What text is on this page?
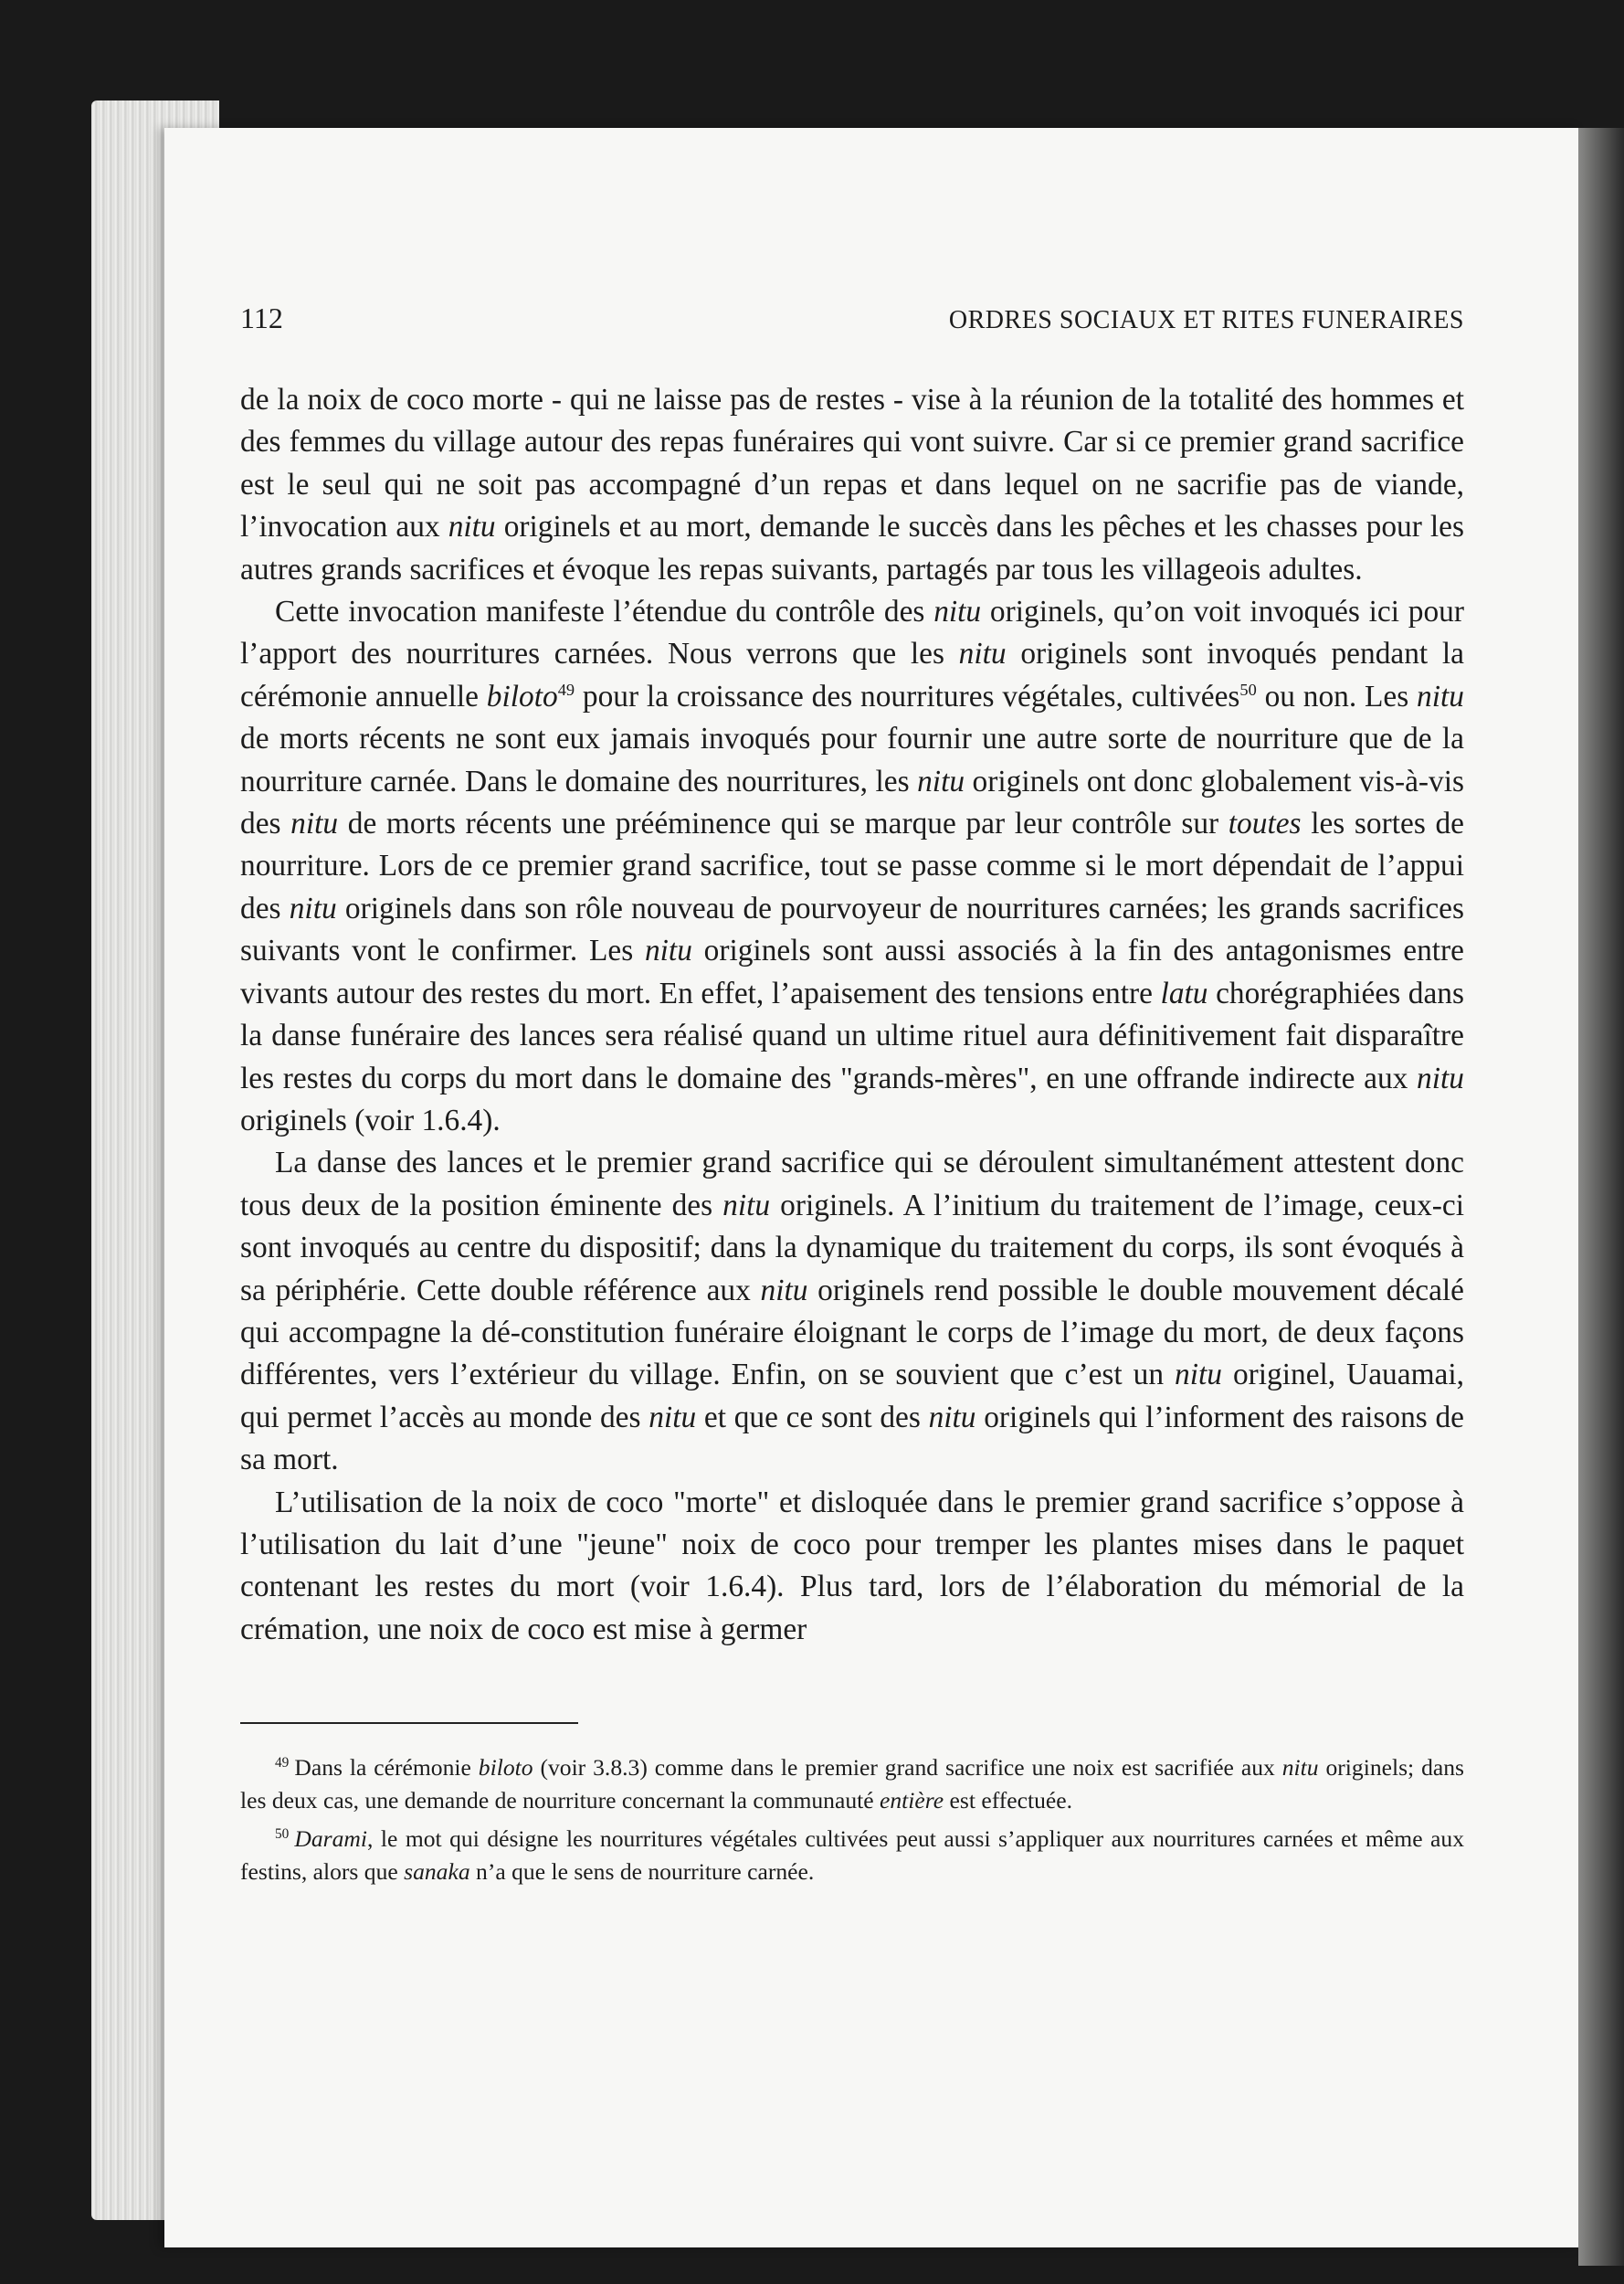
112	ORDRES SOCIAUX ET RITES FUNERAIRES

de la noix de coco morte - qui ne laisse pas de restes - vise à la réunion de la totalité des hommes et des femmes du village autour des repas funéraires qui vont suivre. Car si ce premier grand sacrifice est le seul qui ne soit pas accompagné d’un repas et dans lequel on ne sacrifie pas de viande, l’invocation aux nitu originels et au mort, demande le succès dans les pêches et les chasses pour les autres grands sacrifices et évoque les repas suivants, partagés par tous les villageois adultes.

Cette invocation manifeste l’étendue du contrôle des nitu originels, qu’on voit invoqués ici pour l’apport des nourritures carnées. Nous verrons que les nitu originels sont invoqués pendant la cérémonie annuelle biloto$^{49}$ pour la croissance des nourritures végétales, cultivées$^{50}$ ou non. Les nitu de morts récents ne sont eux jamais invoqués pour fournir une autre sorte de nourriture que de la nourriture carnée. Dans le domaine des nourritures, les nitu originels ont donc globalement vis-à-vis des nitu de morts récents une prééminence qui se marque par leur contrôle sur toutes les sortes de nourriture. Lors de ce premier grand sacrifice, tout se passe comme si le mort dépendait de l’appui des nitu originels dans son rôle nouveau de pourvoyeur de nourritures carnées; les grands sacrifices suivants vont le confirmer. Les nitu originels sont aussi associés à la fin des antagonismes entre vivants autour des restes du mort. En effet, l’apaisement des tensions entre latu chorégraphiées dans la danse funéraire des lances sera réalisé quand un ultime rituel aura définitivement fait disparaître les restes du corps du mort dans le domaine des "grands-mères", en une offrande indirecte aux nitu originels (voir 1.6.4).

La danse des lances et le premier grand sacrifice qui se déroulent simultanément attestent donc tous deux de la position éminente des nitu originels. A l’initium du traitement de l’image, ceux-ci sont invoqués au centre du dispositif; dans la dynamique du traitement du corps, ils sont évoqués à sa périphérie. Cette double référence aux nitu originels rend possible le double mouvement décalé qui accompagne la dé-constitution funéraire éloignant le corps de l’image du mort, de deux façons différentes, vers l’extérieur du village. Enfin, on se souvient que c’est un nitu originel, Uauamai, qui permet l’accès au monde des nitu et que ce sont des nitu originels qui l’informent des raisons de sa mort.

L’utilisation de la noix de coco "morte" et disloquée dans le premier grand sacrifice s’oppose à l’utilisation du lait d’une "jeune" noix de coco pour tremper les plantes mises dans le paquet contenant les restes du mort (voir 1.6.4). Plus tard, lors de l’élaboration du mémorial de la crémation, une noix de coco est mise à germer

$^{49}$ Dans la cérémonie biloto (voir 3.8.3) comme dans le premier grand sacrifice une noix est sacrifiée aux nitu originels; dans les deux cas, une demande de nourriture concernant la communauté entière est effectuée.

$^{50}$ Darami, le mot qui désigne les nourritures végétales cultivées peut aussi s’appliquer aux nourritures carnées et même aux festins, alors que sanaka n’a que le sens de nourriture carnée.
